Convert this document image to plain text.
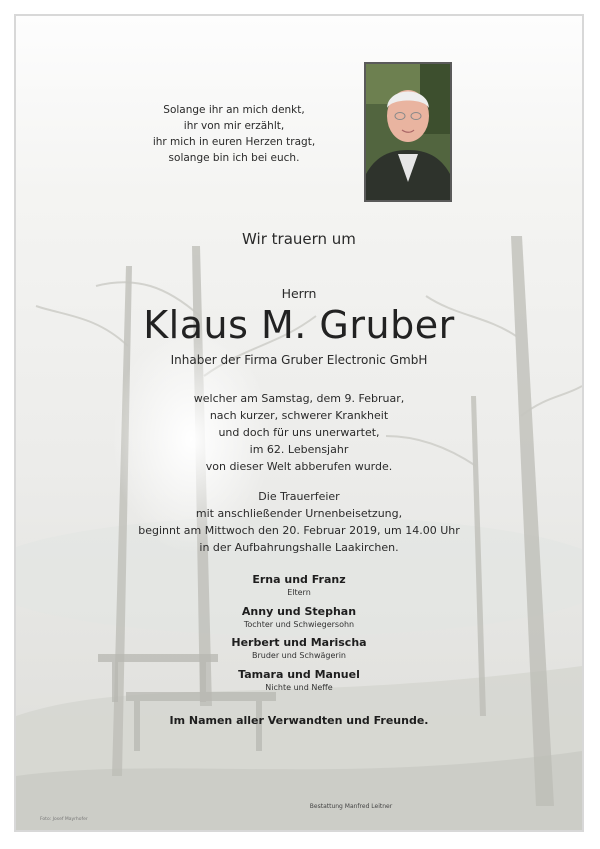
Solange ihr an mich denkt,
ihr von mir erzählt,
ihr mich in euren Herzen tragt,
solange bin ich bei euch.
Wir trauern um
Herrn
Klaus M. Gruber
Inhaber der Firma Gruber Electronic GmbH
welcher am Samstag, dem 9. Februar,
nach kurzer, schwerer Krankheit
und doch für uns unerwartet,
im 62. Lebensjahr
von dieser Welt abberufen wurde.
Die Trauerfeier
mit anschließender Urnenbeisetzung,
beginnt am Mittwoch den 20. Februar 2019, um 14.00 Uhr
in der Aufbahrungshalle Laakirchen.
Erna und Franz
Eltern
Anny und Stephan
Tochter und Schwiegersohn
Herbert und Marischa
Bruder und Schwägerin
Tamara und Manuel
Nichte und Neffe
Im Namen aller Verwandten und Freunde.
Bestattung Manfred Leitner
Foto: Josef Mayrhofer
